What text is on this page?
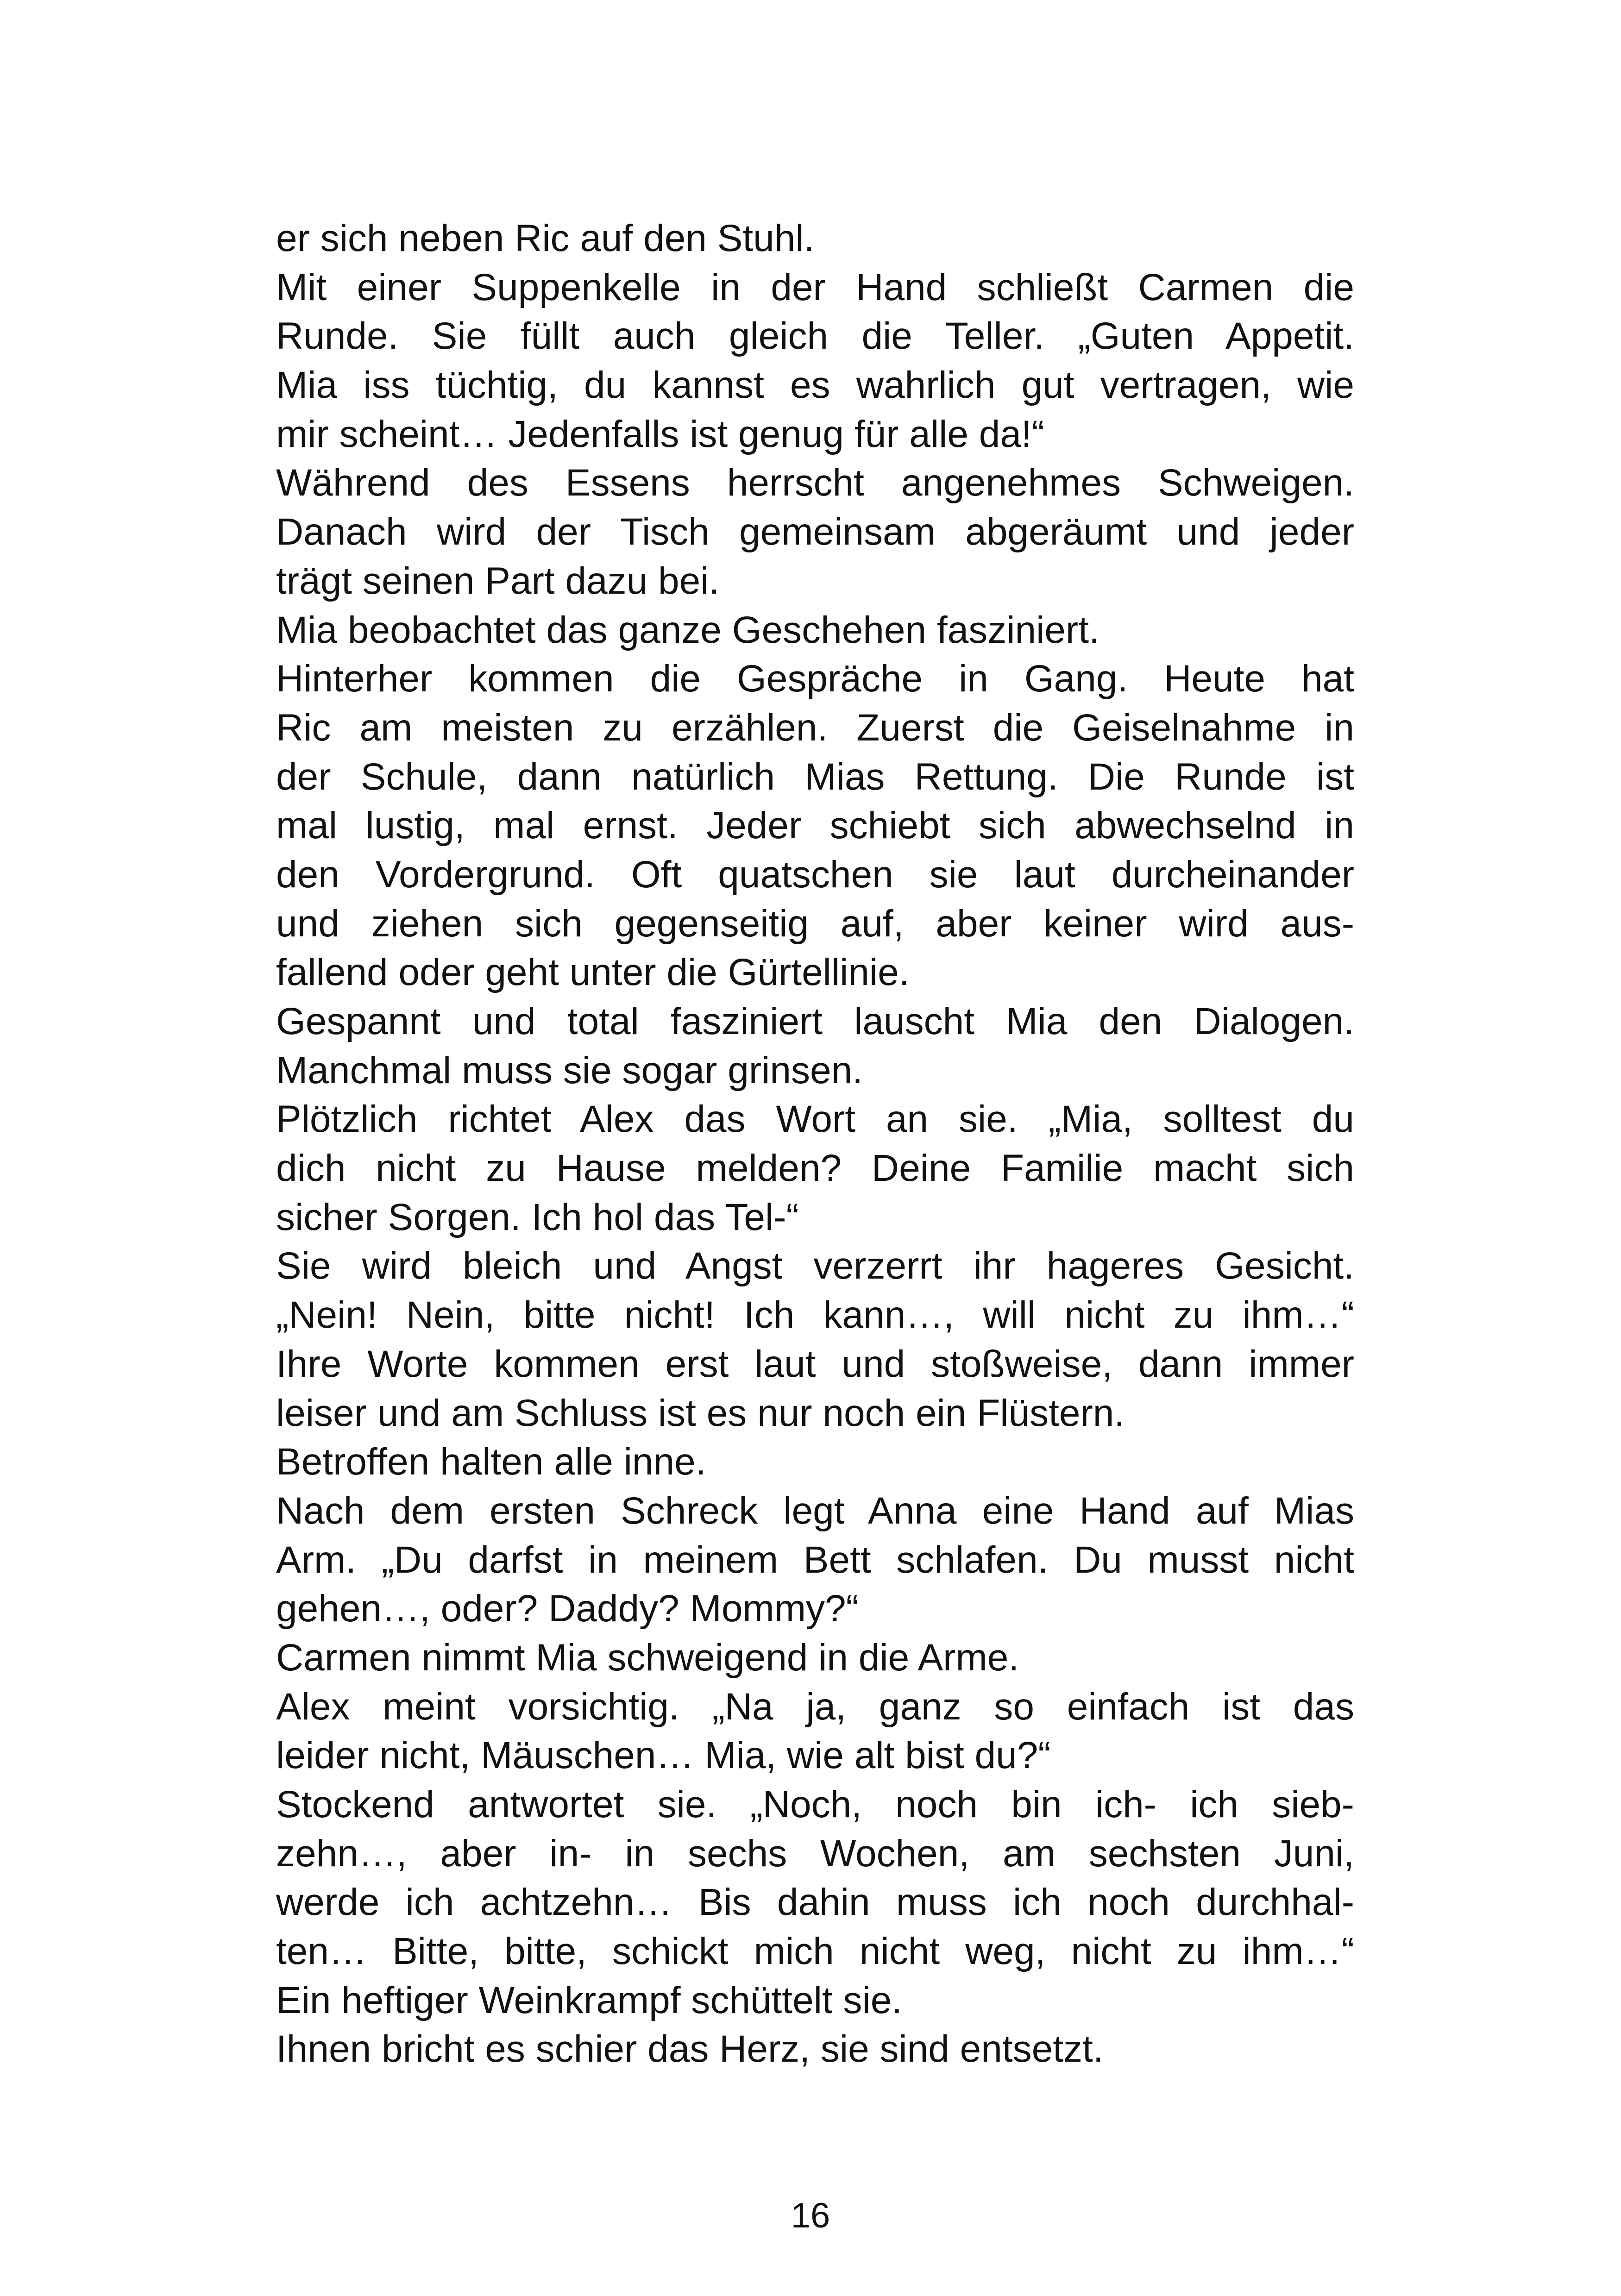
er sich neben Ric auf den Stuhl.
Mit einer Suppenkelle in der Hand schließt Carmen die
Runde. Sie füllt auch gleich die Teller. „Guten Appetit.
Mia iss tüchtig, du kannst es wahrlich gut vertragen, wie
mir scheint… Jedenfalls ist genug für alle da!“
Während des Essens herrscht angenehmes Schweigen.
Danach wird der Tisch gemeinsam abgeräumt und jeder
trägt seinen Part dazu bei.
Mia beobachtet das ganze Geschehen fasziniert.
Hinterher kommen die Gespräche in Gang. Heute hat
Ric am meisten zu erzählen. Zuerst die Geiselnahme in
der Schule, dann natürlich Mias Rettung. Die Runde ist
mal lustig, mal ernst. Jeder schiebt sich abwechselnd in
den Vordergrund. Oft quatschen sie laut durcheinander
und ziehen sich gegenseitig auf, aber keiner wird aus-
fallend oder geht unter die Gürtellinie.
Gespannt und total fasziniert lauscht Mia den Dialogen.
Manchmal muss sie sogar grinsen.
Plötzlich richtet Alex das Wort an sie. „Mia, solltest du
dich nicht zu Hause melden? Deine Familie macht sich
sicher Sorgen. Ich hol das Tel-“
Sie wird bleich und Angst verzerrt ihr hageres Gesicht.
„Nein! Nein, bitte nicht! Ich kann…, will nicht zu ihm…“
Ihre Worte kommen erst laut und stoßweise, dann immer
leiser und am Schluss ist es nur noch ein Flüstern.
Betroffen halten alle inne.
Nach dem ersten Schreck legt Anna eine Hand auf Mias
Arm. „Du darfst in meinem Bett schlafen. Du musst nicht
gehen…, oder? Daddy? Mommy?“
Carmen nimmt Mia schweigend in die Arme.
Alex meint vorsichtig. „Na ja, ganz so einfach ist das
leider nicht, Mäuschen… Mia, wie alt bist du?“
Stockend antwortet sie. „Noch, noch bin ich- ich sieb-
zehn…, aber in- in sechs Wochen, am sechsten Juni,
werde ich achtzehn… Bis dahin muss ich noch durchhal-
ten… Bitte, bitte, schickt mich nicht weg, nicht zu ihm…“
Ein heftiger Weinkrampf schüttelt sie.
Ihnen bricht es schier das Herz, sie sind entsetzt.
16
